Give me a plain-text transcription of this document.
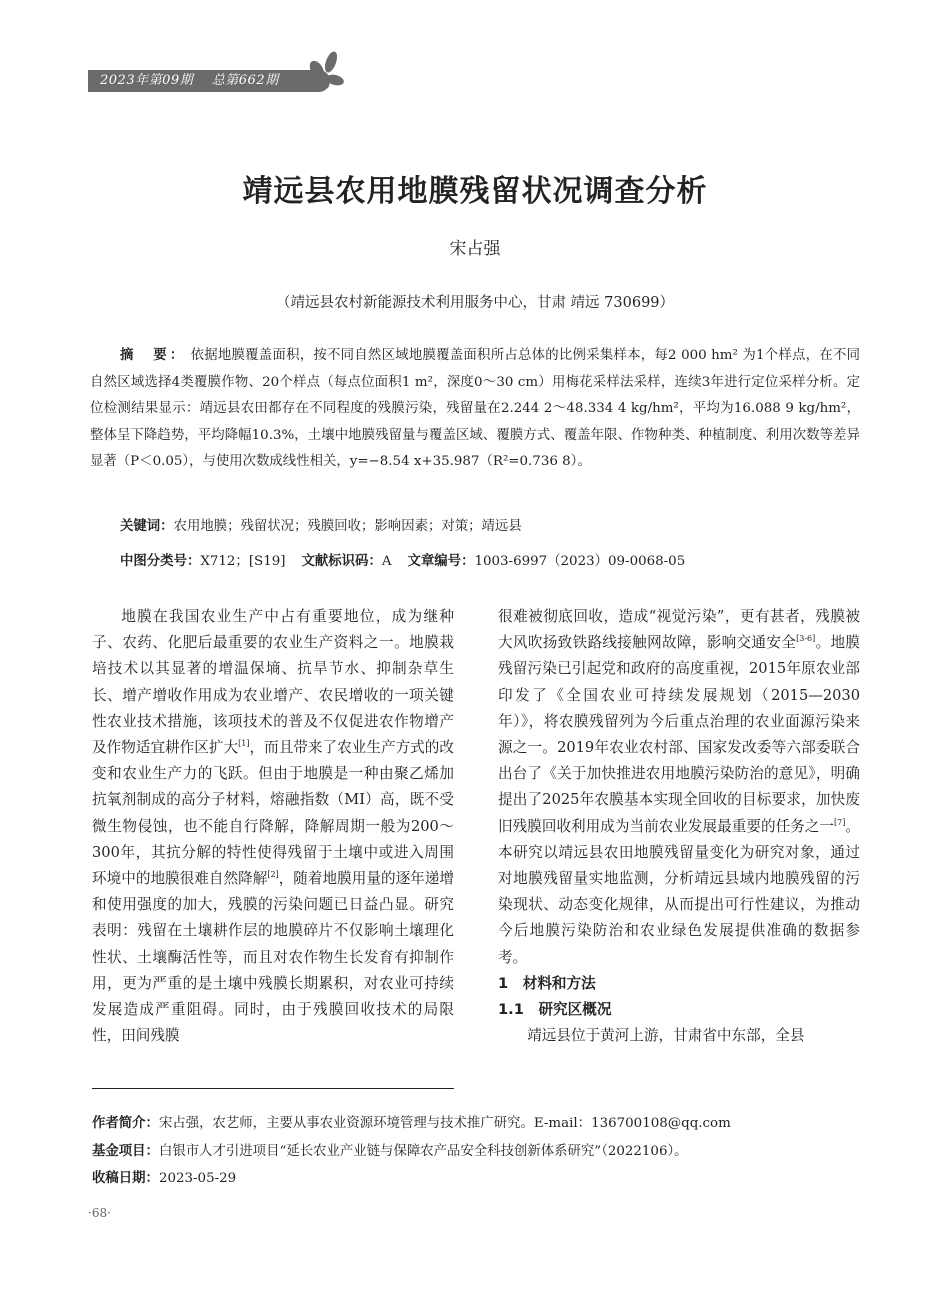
2023年第09期 总第662期
靖远县农用地膜残留状况调查分析
宋占强
（靖远县农村新能源技术利用服务中心，甘肃 靖远 730699）
摘　要： 依据地膜覆盖面积，按不同自然区域地膜覆盖面积所占总体的比例采集样本，每2 000 hm² 为1个样点，在不同自然区域选择4类覆膜作物、20个样点（每点位面积1 m²，深度0～30 cm）用梅花采样法采样，连续3年进行定位采样分析。定位检测结果显示：靖远县农田都存在不同程度的残膜污染，残留量在2.244 2～48.334 4 kg/hm²，平均为16.088 9 kg/hm²，整体呈下降趋势，平均降幅10.3%，土壤中地膜残留量与覆盖区域、覆膜方式、覆盖年限、作物种类、种植制度、利用次数等差异显著（P＜0.05），与使用次数成线性相关，y=−8.54 x+35.987（R²=0.736 8）。
关键词：农用地膜；残留状况；残膜回收；影响因素；对策；靖远县
中图分类号：X712；[S19] 文献标识码：A 文章编号：1003-6997（2023）09-0068-05

地膜在我国农业生产中占有重要地位，成为继种子、农药、化肥后最重要的农业生产资料之一。地膜栽培技术以其显著的增温保墒、抗旱节水、抑制杂草生长、增产增收作用成为农业增产、农民增收的一项关键性农业技术措施，该项技术的普及不仅促进农作物增产及作物适宜耕作区扩大[1]，而且带来了农业生产方式的改变和农业生产力的飞跃。但由于地膜是一种由聚乙烯加抗氧剂制成的高分子材料，熔融指数（MI）高，既不受微生物侵蚀，也不能自行降解，降解周期一般为200～300年，其抗分解的特性使得残留于土壤中或进入周围环境中的地膜很难自然降解[2]，随着地膜用量的逐年递增和使用强度的加大，残膜的污染问题已日益凸显。研究表明：残留在土壤耕作层的地膜碎片不仅影响土壤理化性状、土壤酶活性等，而且对农作物生长发育有抑制作用，更为严重的是土壤中残膜长期累积，对农业可持续发展造成严重阻碍。同时，由于残膜回收技术的局限性，田间残膜

很难被彻底回收，造成“视觉污染”，更有甚者，残膜被大风吹扬致铁路线接触网故障，影响交通安全[3-6]。地膜残留污染已引起党和政府的高度重视，2015年原农业部印发了《全国农业可持续发展规划（2015—2030年）》，将农膜残留列为今后重点治理的农业面源污染来源之一。2019年农业农村部、国家发改委等六部委联合出台了《关于加快推进农用地膜污染防治的意见》，明确提出了2025年农膜基本实现全回收的目标要求，加快废旧残膜回收利用成为当前农业发展最重要的任务之一[7]。本研究以靖远县农田地膜残留量变化为研究对象，通过对地膜残留量实地监测，分析靖远县域内地膜残留的污染现状、动态变化规律，从而提出可行性建议，为推动今后地膜污染防治和农业绿色发展提供准确的数据参考。

1　材料和方法

1.1　研究区概况

靖远县位于黄河上游，甘肃省中东部，全县

作者简介：宋占强，农艺师，主要从事农业资源环境管理与技术推广研究。E-mail：136700108@qq.com
基金项目：白银市人才引进项目“延长农业产业链与保障农产品安全科技创新体系研究”（2022106）。
收稿日期：2023-05-29
·68·
